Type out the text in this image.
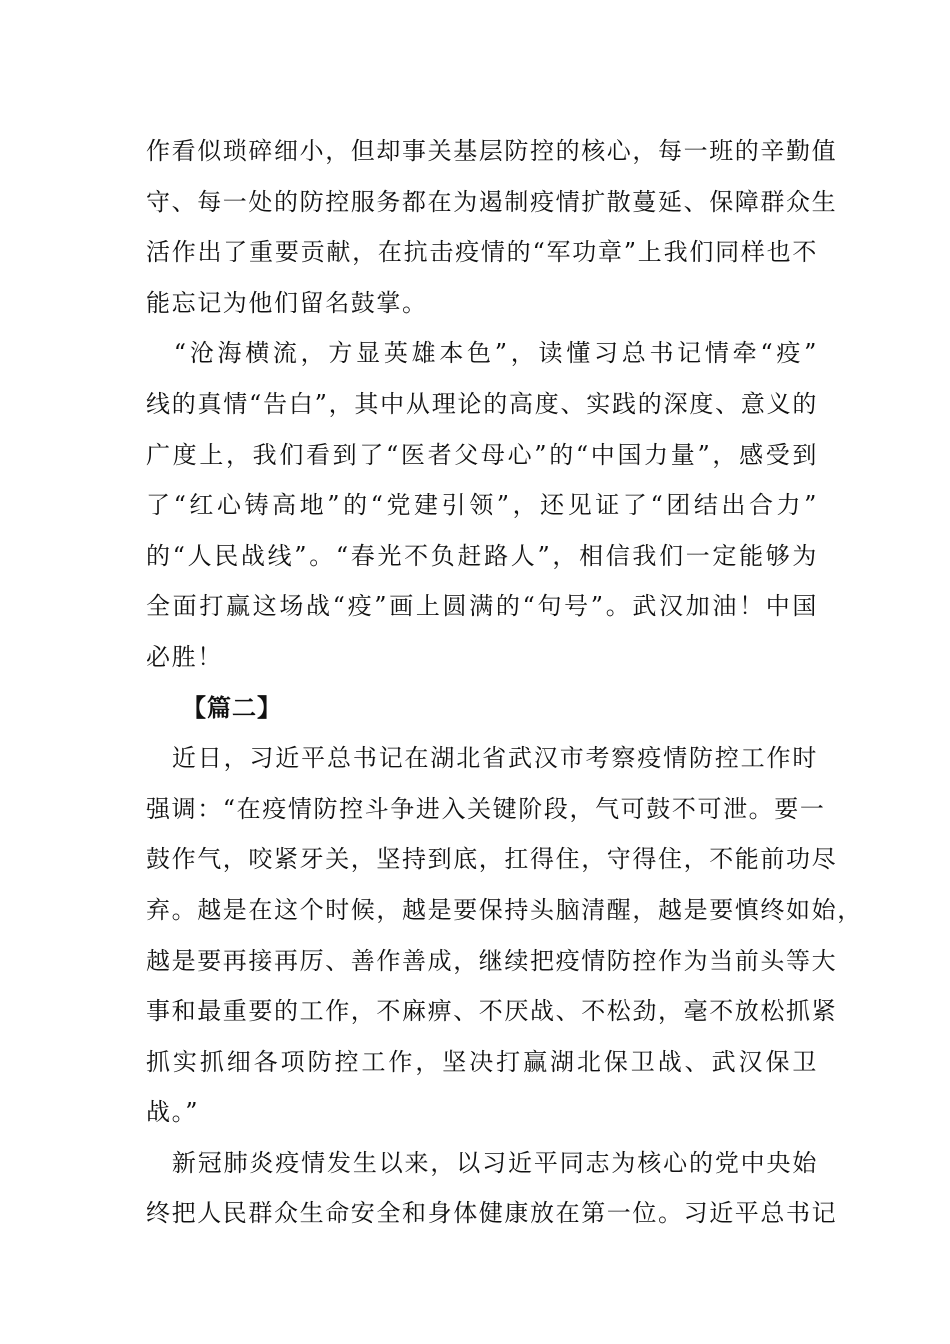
作看似琐碎细小，但却事关基层防控的核心，每一班的辛勤值
守、每一处的防控服务都在为遏制疫情扩散蔓延、保障群众生
活作出了重要贡献，在抗击疫情的“军功章”上我们同样也不
能忘记为他们留名鼓掌。

　“沧海横流，方显英雄本色”，读懂习总书记情牵“疫”
线的真情“告白”，其中从理论的高度、实践的深度、意义的
广度上，我们看到了“医者父母心”的“中国力量”，感受到
了“红心铸高地”的“党建引领”，还见证了“团结出合力”
的“人民战线”。“春光不负赶路人”，相信我们一定能够为
全面打赢这场战“疫”画上圆满的“句号”。武汉加油！中国
必胜！

【篇二】

　近日，习近平总书记在湖北省武汉市考察疫情防控工作时
强调：“在疫情防控斗争进入关键阶段，气可鼓不可泄。要一
鼓作气，咬紧牙关，坚持到底，扛得住，守得住，不能前功尽
弃。越是在这个时候，越是要保持头脑清醒，越是要慎终如始，
越是要再接再厉、善作善成，继续把疫情防控作为当前头等大
事和最重要的工作，不麻痹、不厌战、不松劲，毫不放松抓紧
抓实抓细各项防控工作，坚决打赢湖北保卫战、武汉保卫
战。”

　新冠肺炎疫情发生以来，以习近平同志为核心的党中央始
终把人民群众生命安全和身体健康放在第一位。习近平总书记
